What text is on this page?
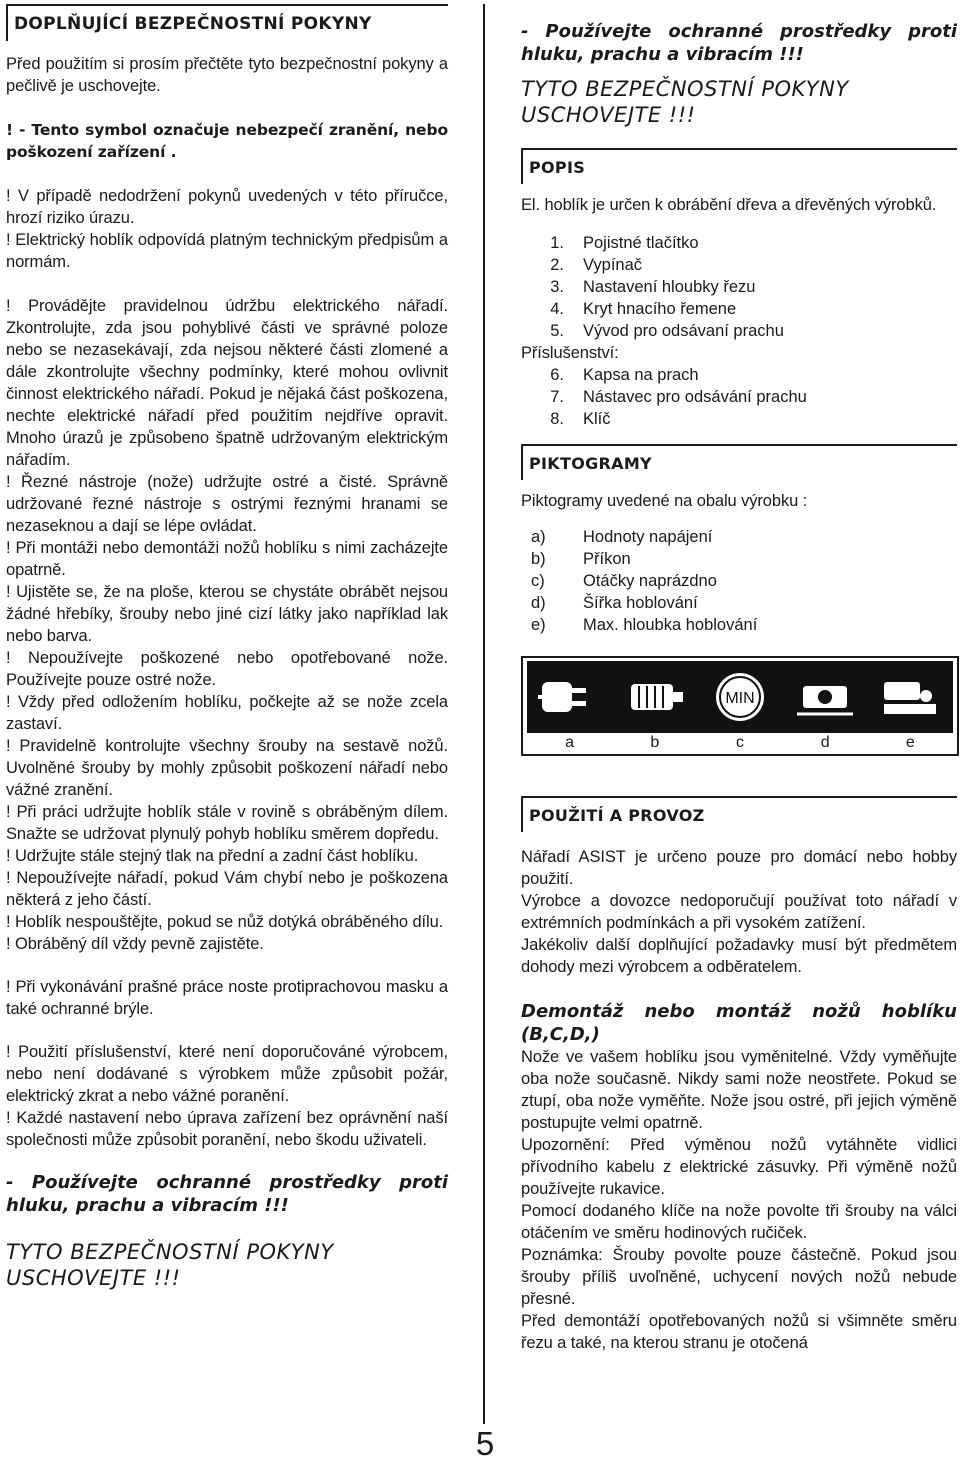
DOPLŇUJÍCÍ BEZPEČNOSTNÍ POKYNY

Před použitím si prosím přečtěte tyto bezpečnostní pokyny a pečlivě je uschovejte.

! - Tento symbol označuje nebezpečí zranění, nebo poškození zařízení .

! V případě nedodržení pokynů uvedených v této příručce, hrozí riziko úrazu.

! Elektrický hoblík odpovídá platným technickým předpisům a normám.

! Provádějte pravidelnou údržbu elektrického nářadí. Zkontrolujte, zda jsou pohyblivé části ve správné poloze nebo se nezasekávají, zda nejsou některé části zlomené a dále zkontrolujte všechny podmínky, které mohou ovlivnit činnost elektrického nářadí. Pokud je nějaká část poškozena, nechte elektrické nářadí před použitím nejdříve opravit. Mnoho úrazů je způsobeno špatně udržovaným elektrickým nářadím.

! Řezné nástroje (nože) udržujte ostré a čisté. Správně udržované řezné nástroje s ostrými řeznými hranami se nezaseknou a dají se lépe ovládat.

! Při montáži nebo demontáži nožů hoblíku s nimi zacházejte opatrně.

! Ujistěte se, že na ploše, kterou se chystáte obrábět nejsou žádné hřebíky, šrouby nebo jiné cizí látky jako například lak nebo barva.

! Nepoužívejte poškozené nebo opotřebované nože. Používejte pouze ostré nože.

! Vždy před odložením hoblíku, počkejte až se nože zcela zastaví.

! Pravidelně kontrolujte všechny šrouby na sestavě nožů. Uvolněné šrouby by mohly způsobit poškození nářadí nebo vážné zranění.

! Při práci udržujte hoblík stále v rovině s obráběným dílem. Snažte se udržovat plynulý pohyb hoblíku směrem dopředu.

! Udržujte stále stejný tlak na přední a zadní část hoblíku.

! Nepoužívejte nářadí, pokud Vám chybí nebo je poškozena některá z jeho částí.

! Hoblík nespouštějte, pokud se nůž dotýká obráběného dílu.

! Obráběný díl vždy pevně zajistěte.

! Při vykonávání prašné práce noste protiprachovou masku a také ochranné brýle.

! Použití příslušenství, které není doporučováné výrobcem, nebo není dodávané s výrobkem může způsobit požár, elektrický zkrat a nebo vážné poranění.

! Každé nastavení nebo úprava zařízení bez oprávnění naší společnosti může způsobit poranění, nebo škodu uživateli.

- Používejte ochranné prostředky proti hluku, prachu a vibracím !!!

TYTO BEZPEČNOSTNÍ POKYNY USCHOVEJTE !!!

- Používejte ochranné prostředky proti hluku, prachu a vibracím !!!

TYTO BEZPEČNOSTNÍ POKYNY USCHOVEJTE !!!

POPIS

El. hoblík je určen k obrábění dřeva a dřevěných výrobků.

1.	Pojistné tlačítko
2.	Vypínač
3.	Nastavení hloubky řezu
4.	Kryt hnacího řemene
5.	Vývod pro odsávaní prachu

Příslušenství:

6.	Kapsa na prach
7.	Nástavec pro odsávání prachu
8.	Klíč
PIKTOGRAMY

Piktogramy uvedené na obalu výrobku :

a)	Hodnoty napájení
b)	Příkon
c)	Otáčky naprázdno
d)	Šířka hoblování
e)	Max. hloubka hoblování
MIN
a	b	c	d	e
POUŽITÍ A PROVOZ

Nářadí ASIST je určeno pouze pro domácí nebo hobby použití.

Výrobce a dovozce nedoporučují používat toto nářadí v extrémních podmínkách a při vysokém zatížení.

Jakékoliv další doplňující požadavky musí být předmětem dohody mezi výrobcem a odběratelem.

Demontáž nebo montáž nožů hoblíku (B,C,D,)

Nože ve vašem hoblíku jsou vyměnitelné. Vždy vyměňujte oba nože současně. Nikdy sami nože neostřete. Pokud se ztupí, oba nože vyměňte. Nože jsou ostré, při jejich výměně postupujte velmi opatrně.

Upozornění: Před výměnou nožů vytáhněte vidlici přívodního kabelu z elektrické zásuvky. Při výměně nožů používejte rukavice.

Pomocí dodaného klíče na nože povolte tři šrouby na válci otáčením ve směru hodinových ručiček.

Poznámka: Šrouby povolte pouze částečně. Pokud jsou šrouby příliš uvoľněné, uchycení nových nožů nebude přesné.

Před demontáží opotřebovaných nožů si všimněte směru řezu a také, na kterou stranu je otočená

5
